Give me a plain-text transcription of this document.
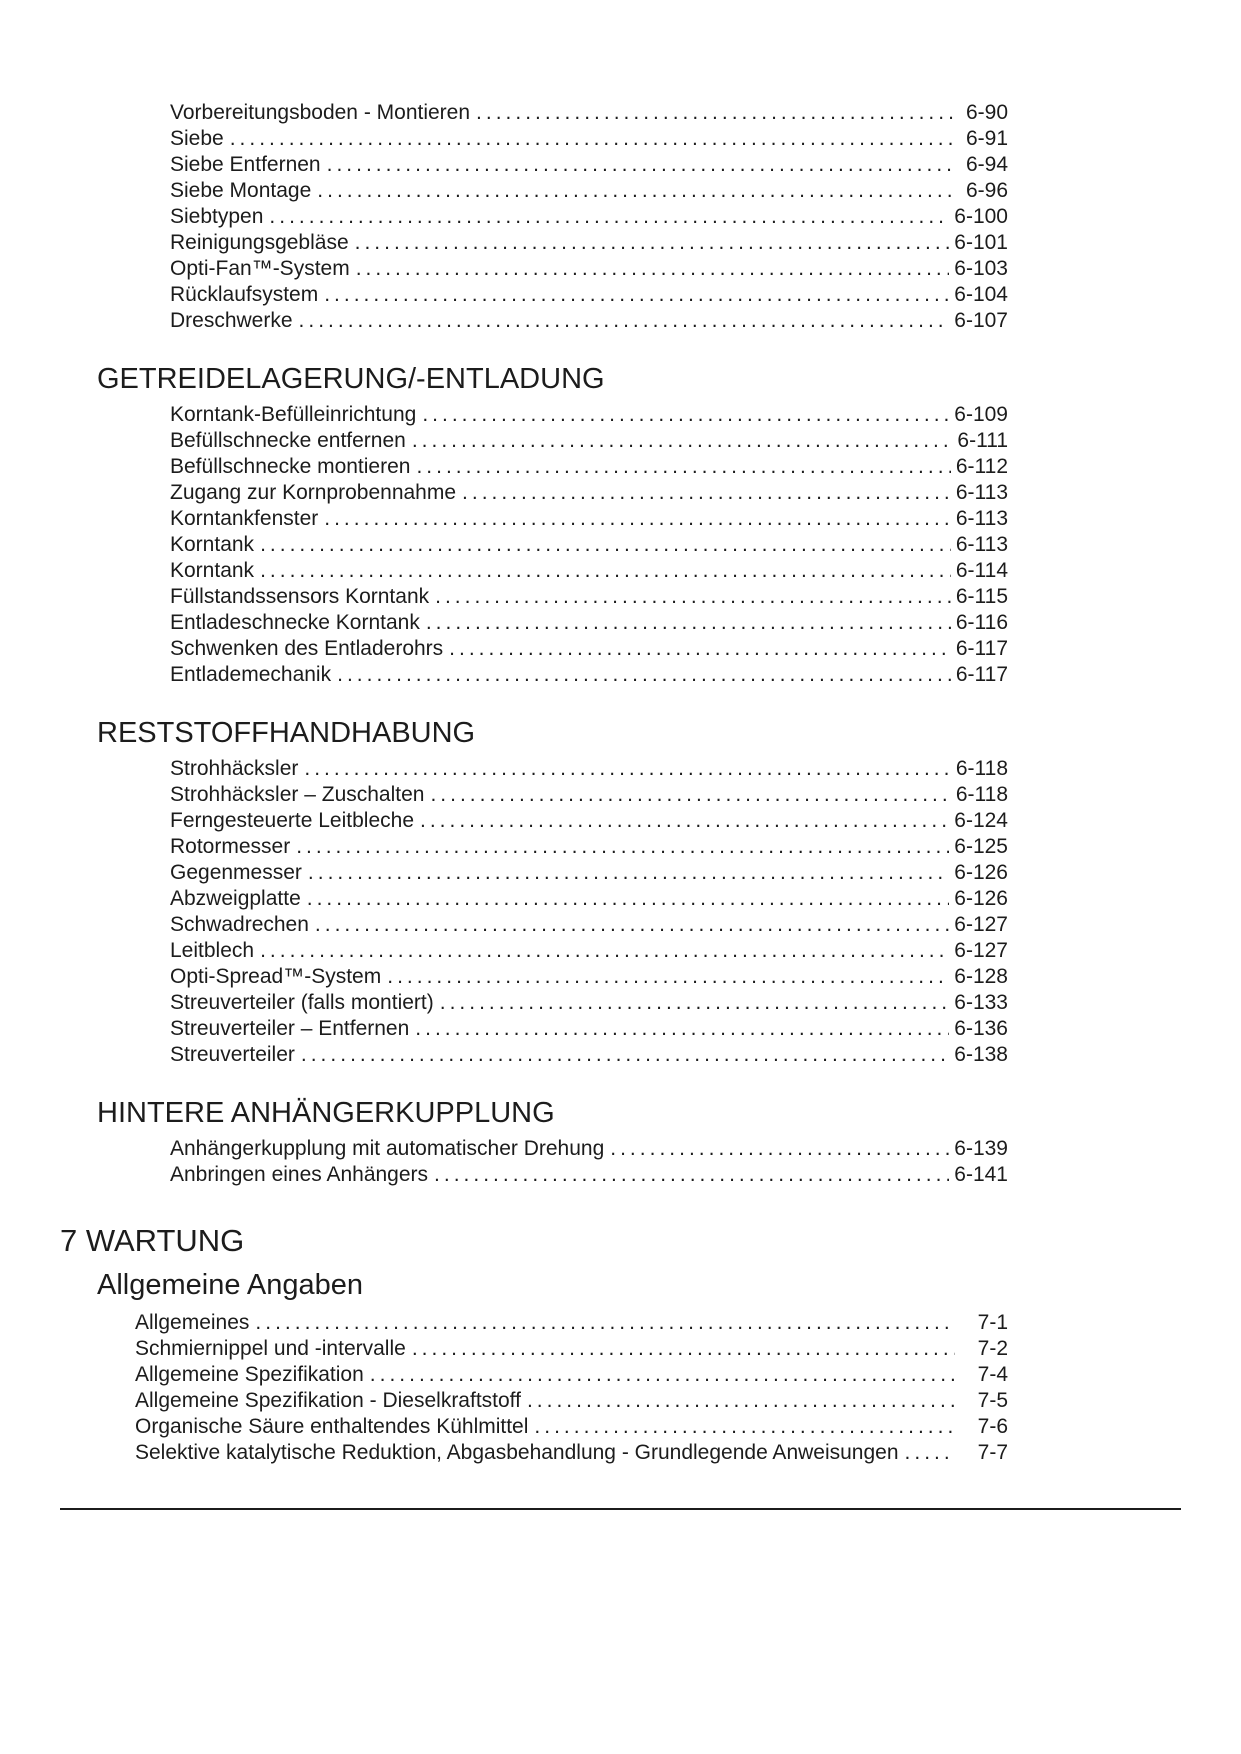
Vorbereitungsboden - Montieren .....	6-90
Siebe .....	6-91
Siebe Entfernen .....	6-94
Siebe Montage .....	6-96
Siebtypen .....	6-100
Reinigungsgebläse .....	6-101
Opti-Fan™-System .....	6-103
Rücklaufsystem .....	6-104
Dreschwerke .....	6-107
GETREIDELAGERUNG/-ENTLADUNG
Korntank-Befülleinrichtung .....	6-109
Befüllschnecke entfernen .....	6-111
Befüllschnecke montieren .....	6-112
Zugang zur Kornprobennahme .....	6-113
Korntankfenster .....	6-113
Korntank .....	6-113
Korntank .....	6-114
Füllstandssensors Korntank .....	6-115
Entladeschnecke Korntank .....	6-116
Schwenken des Entladerohrs .....	6-117
Entlademechanik .....	6-117
RESTSTOFFHANDHABUNG
Strohhäcksler .....	6-118
Strohhäcksler – Zuschalten .....	6-118
Ferngesteuerte Leitbleche .....	6-124
Rotormesser .....	6-125
Gegenmesser .....	6-126
Abzweigplatte .....	6-126
Schwadrechen .....	6-127
Leitblech .....	6-127
Opti-Spread™-System .....	6-128
Streuverteiler (falls montiert) .....	6-133
Streuverteiler – Entfernen .....	6-136
Streuverteiler .....	6-138
HINTERE ANHÄNGERKUPPLUNG
Anhängerkupplung mit automatischer Drehung .....	6-139
Anbringen eines Anhängers .....	6-141
7 WARTUNG
Allgemeine Angaben
Allgemeines .....	7-1
Schmiernippel und -intervalle .....	7-2
Allgemeine Spezifikation .....	7-4
Allgemeine Spezifikation - Dieselkraftstoff .....	7-5
Organische Säure enthaltendes Kühlmittel .....	7-6
Selektive katalytische Reduktion, Abgasbehandlung - Grundlegende Anweisungen .....	7-7
